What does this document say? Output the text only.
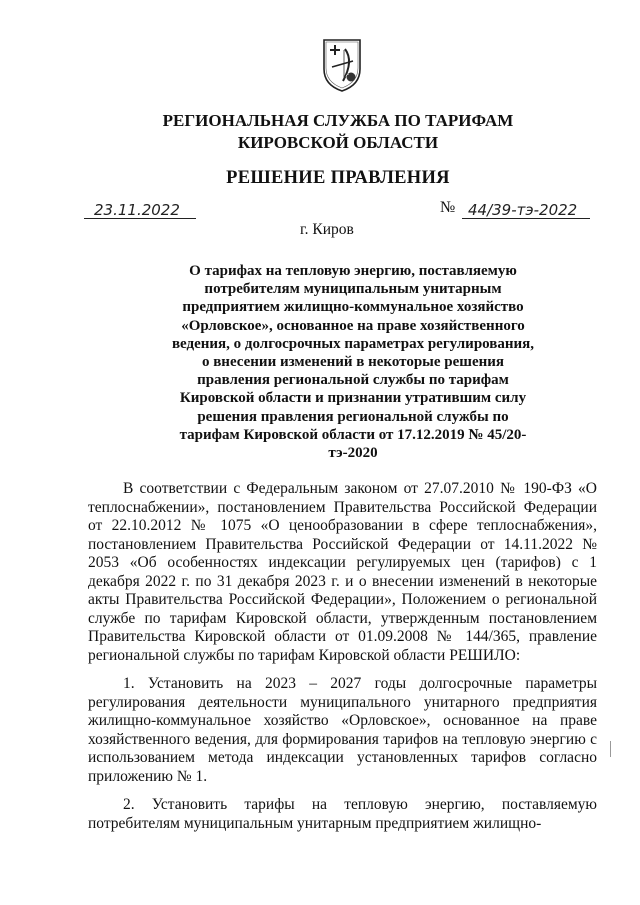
РЕГИОНАЛЬНАЯ СЛУЖБА ПО ТАРИФАМ
КИРОВСКОЙ ОБЛАСТИ
РЕШЕНИЕ ПРАВЛЕНИЯ
23.11.2022	№ 44/39-тэ-2022
г. Киров
О тарифах на тепловую энергию, поставляемую потребителям муниципальным унитарным предприятием жилищно-коммунальное хозяйство «Орловское», основанное на праве хозяйственного ведения, о долгосрочных параметрах регулирования, о внесении изменений в некоторые решения правления региональной службы по тарифам Кировской области и признании утратившим силу решения правления региональной службы по тарифам Кировской области от 17.12.2019 № 45/20-тэ-2020

В соответствии с Федеральным законом от 27.07.2010 № 190-ФЗ «О теплоснабжении», постановлением Правительства Российской Федерации от 22.10.2012 № 1075 «О ценообразовании в сфере теплоснабжения», постановлением Правительства Российской Федерации от 14.11.2022 № 2053 «Об особенностях индексации регулируемых цен (тарифов) с 1 декабря 2022 г. по 31 декабря 2023 г. и о внесении изменений в некоторые акты Правительства Российской Федерации», Положением о региональной службе по тарифам Кировской области, утвержденным постановлением Правительства Кировской области от 01.09.2008 № 144/365, правление региональной службы по тарифам Кировской области РЕШИЛО:

1. Установить на 2023 – 2027 годы долгосрочные параметры регулирования деятельности муниципального унитарного предприятия жилищно-коммунальное хозяйство «Орловское», основанное на праве хозяйственного ведения, для формирования тарифов на тепловую энергию с использованием метода индексации установленных тарифов согласно приложению № 1.

2. Установить тарифы на тепловую энергию, поставляемую потребителям муниципальным унитарным предприятием жилищно-
